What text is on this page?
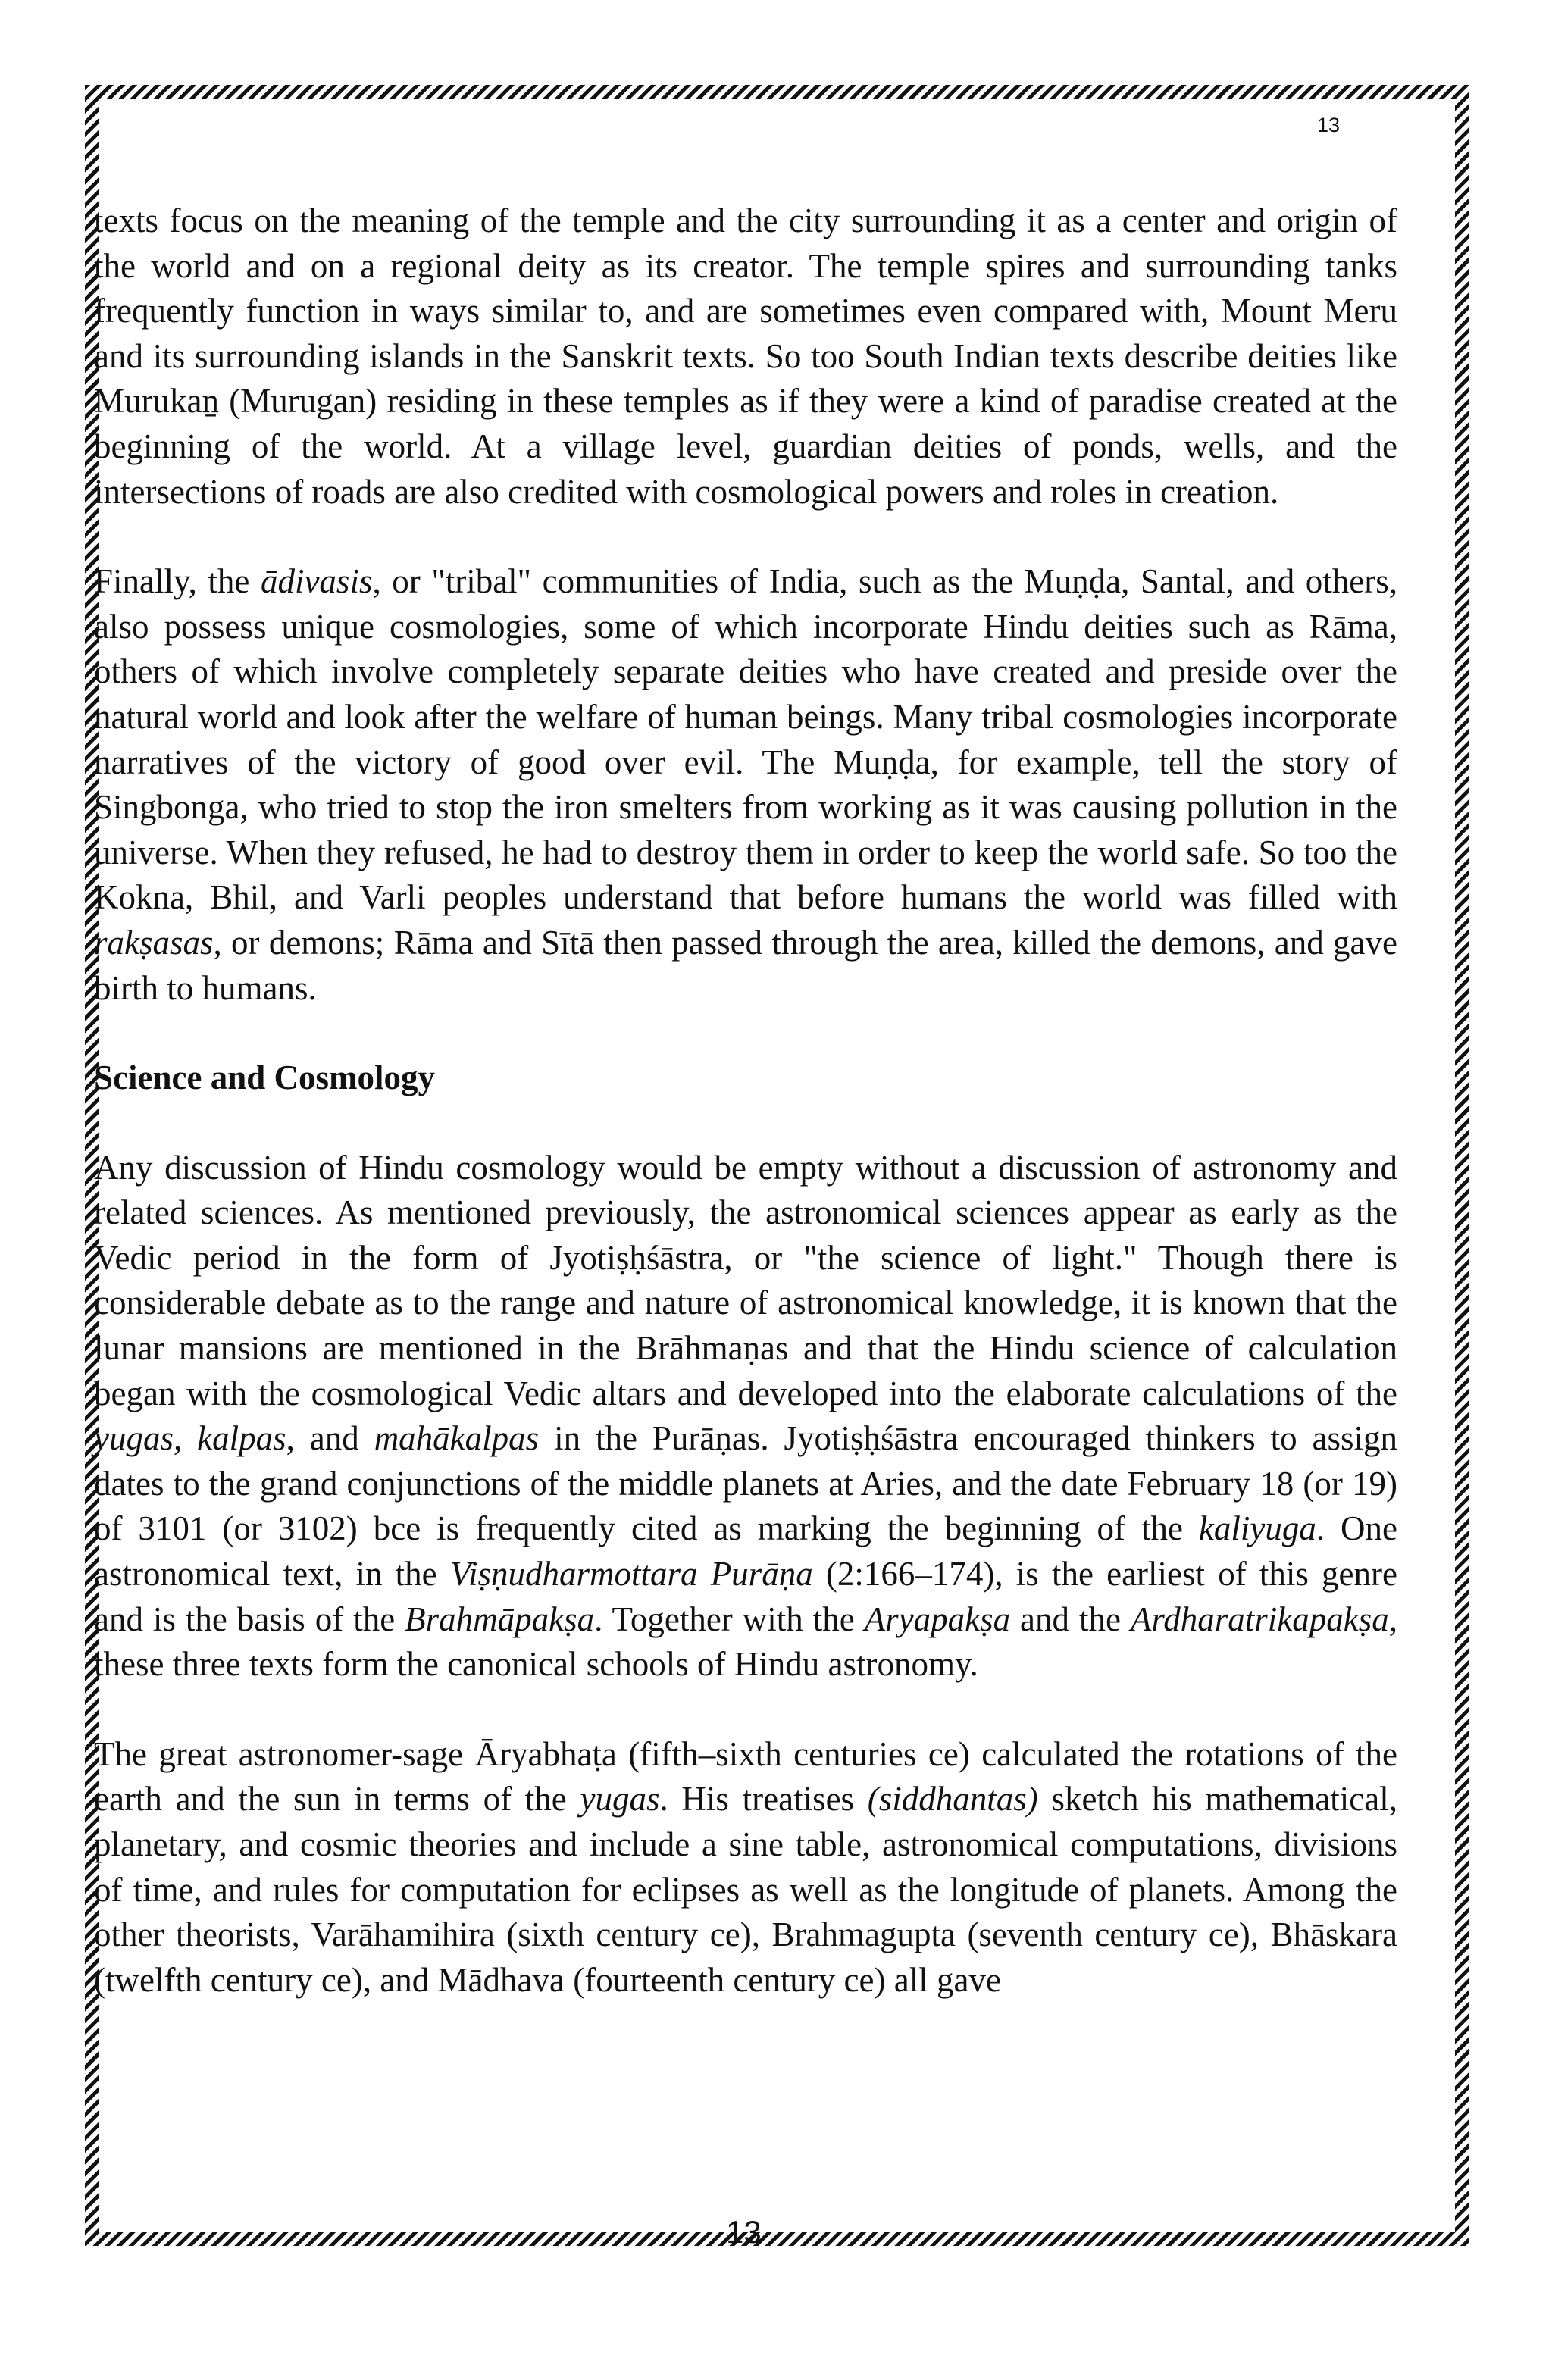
13

texts focus on the meaning of the temple and the city surrounding it as a center and origin of the world and on a regional deity as its creator. The temple spires and surrounding tanks frequently function in ways similar to, and are sometimes even compared with, Mount Meru and its surrounding islands in the Sanskrit texts. So too South Indian texts describe deities like Murukaṉ (Murugan) residing in these temples as if they were a kind of paradise created at the beginning of the world. At a village level, guardian deities of ponds, wells, and the intersections of roads are also credited with cosmological powers and roles in creation.

Finally, the ādivasis, or "tribal" communities of India, such as the Muṇḍa, Santal, and others, also possess unique cosmologies, some of which incorporate Hindu deities such as Rāma, others of which involve completely separate deities who have created and preside over the natural world and look after the welfare of human beings. Many tribal cosmologies incorporate narratives of the victory of good over evil. The Muṇḍa, for example, tell the story of Singbonga, who tried to stop the iron smelters from working as it was causing pollution in the universe. When they refused, he had to destroy them in order to keep the world safe. So too the Kokna, Bhil, and Varli peoples understand that before humans the world was filled with rakṣasas, or demons; Rāma and Sītā then passed through the area, killed the demons, and gave birth to humans.

Science and Cosmology

Any discussion of Hindu cosmology would be empty without a discussion of astronomy and related sciences. As mentioned previously, the astronomical sciences appear as early as the Vedic period in the form of Jyotiṣḥśāstra, or "the science of light." Though there is considerable debate as to the range and nature of astronomical knowledge, it is known that the lunar mansions are mentioned in the Brāhmaṇas and that the Hindu science of calculation began with the cosmological Vedic altars and developed into the elaborate calculations of the yugas, kalpas, and mahākalpas in the Purāṇas. Jyotiṣḥśāstra encouraged thinkers to assign dates to the grand conjunctions of the middle planets at Aries, and the date February 18 (or 19) of 3101 (or 3102) bce is frequently cited as marking the beginning of the kaliyuga. One astronomical text, in the Viṣṇudharmottara Purāṇa (2:166–174), is the earliest of this genre and is the basis of the Brahmāpakṣa. Together with the Aryapakṣa and the Ardharatrikapakṣa, these three texts form the canonical schools of Hindu astronomy.

The great astronomer-sage Āryabhaṭa (fifth–sixth centuries ce) calculated the rotations of the earth and the sun in terms of the yugas. His treatises (siddhantas) sketch his mathematical, planetary, and cosmic theories and include a sine table, astronomical computations, divisions of time, and rules for computation for eclipses as well as the longitude of planets. Among the other theorists, Varāhamihira (sixth century ce), Brahmagupta (seventh century ce), Bhāskara (twelfth century ce), and Mādhava (fourteenth century ce) all gave

13
